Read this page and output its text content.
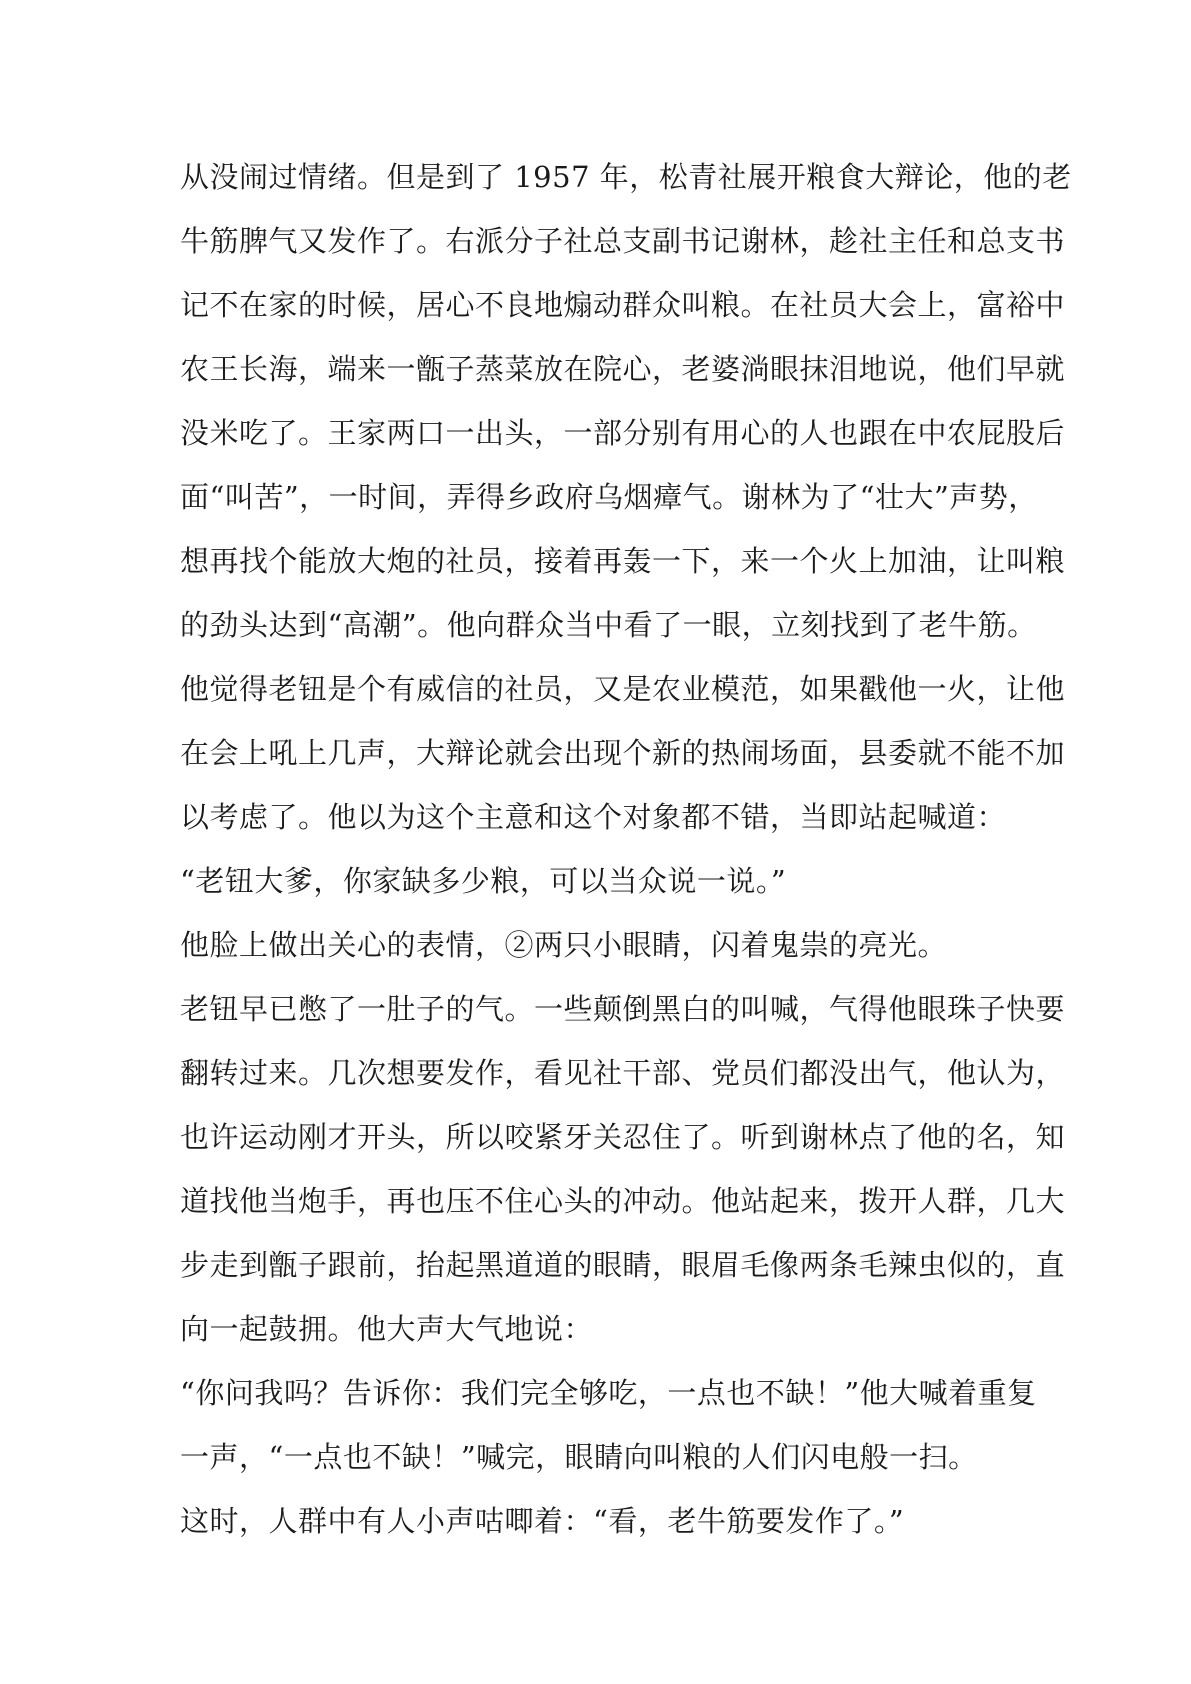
从没闹过情绪。但是到了 1957 年，松青社展开粮食大辩论，他的老
牛筋脾气又发作了。右派分子社总支副书记谢林，趁社主任和总支书
记不在家的时候，居心不良地煽动群众叫粮。在社员大会上，富裕中
农王长海，端来一甑子蒸菜放在院心，老婆淌眼抹泪地说，他们早就
没米吃了。王家两口一出头，一部分别有用心的人也跟在中农屁股后
面“叫苦”，一时间，弄得乡政府乌烟瘴气。谢林为了“壮大”声势，
想再找个能放大炮的社员，接着再轰一下，来一个火上加油，让叫粮
的劲头达到“高潮”。他向群众当中看了一眼，立刻找到了老牛筋。
他觉得老钮是个有威信的社员，又是农业模范，如果戳他一火，让他
在会上吼上几声，大辩论就会出现个新的热闹场面，县委就不能不加
以考虑了。他以为这个主意和这个对象都不错，当即站起喊道：
“老钮大爹，你家缺多少粮，可以当众说一说。”
他脸上做出关心的表情，②两只小眼睛，闪着鬼祟的亮光。
老钮早已憋了一肚子的气。一些颠倒黑白的叫喊，气得他眼珠子快要
翻转过来。几次想要发作，看见社干部、党员们都没出气，他认为，
也许运动刚才开头，所以咬紧牙关忍住了。听到谢林点了他的名，知
道找他当炮手，再也压不住心头的冲动。他站起来，拨开人群，几大
步走到甑子跟前，抬起黑道道的眼睛，眼眉毛像两条毛辣虫似的，直
向一起鼓拥。他大声大气地说：
“你问我吗？告诉你：我们完全够吃，一点也不缺！”他大喊着重复
一声，“一点也不缺！”喊完，眼睛向叫粮的人们闪电般一扫。
这时，人群中有人小声咕唧着：“看，老牛筋要发作了。”
